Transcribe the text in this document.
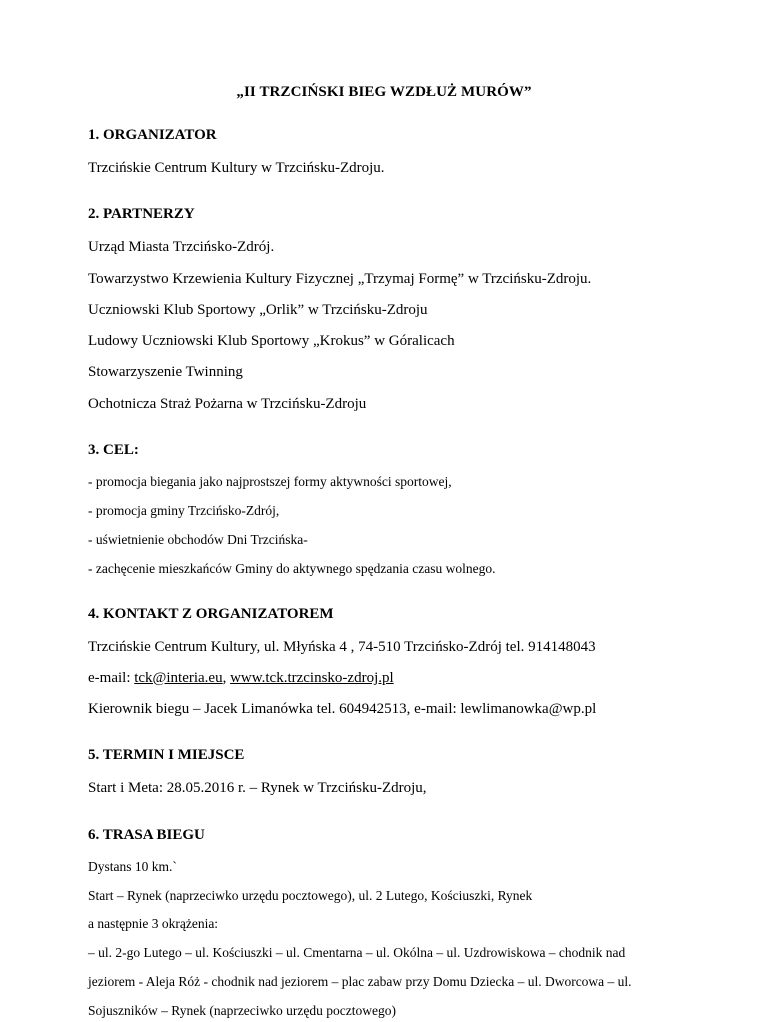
„II TRZCIŃSKI BIEG WZDŁUŻ MURÓW”
1. ORGANIZATOR

Trzcińskie Centrum Kultury w Trzcińsku-Zdroju.

2. PARTNERZY

Urząd Miasta Trzcińsko-Zdrój.

Towarzystwo Krzewienia Kultury Fizycznej „Trzymaj Formę” w Trzcińsku-Zdroju.

Uczniowski Klub Sportowy „Orlik” w Trzcińsku-Zdroju

Ludowy Uczniowski Klub Sportowy „Krokus” w Góralicach

Stowarzyszenie Twinning

Ochotnicza Straż Pożarna w Trzcińsku-Zdroju

3. CEL:

- promocja biegania jako najprostszej formy aktywności sportowej,

- promocja gminy Trzcińsko-Zdrój,

- uświetnienie obchodów Dni Trzcińska-

- zachęcenie mieszkańców Gminy do aktywnego spędzania czasu wolnego.

4. KONTAKT Z ORGANIZATOREM

Trzcińskie Centrum Kultury, ul. Młyńska 4 , 74-510 Trzcińsko-Zdrój tel. 914148043

e-mail: tck@interia.eu, www.tck.trzcinsko-zdroj.pl

Kierownik biegu – Jacek Limanówka tel. 604942513, e-mail: lewlimanowka@wp.pl

5. TERMIN I MIEJSCE

Start i Meta: 28.05.2016 r. – Rynek w Trzcińsku-Zdroju,

6. TRASA BIEGU

Dystans 10 km.`

Start – Rynek (naprzeciwko urzędu pocztowego), ul. 2 Lutego, Kościuszki, Rynek

a następnie 3 okrążenia:

– ul. 2-go Lutego – ul. Kościuszki – ul. Cmentarna – ul. Okólna – ul. Uzdrowiskowa – chodnik nad

jeziorem - Aleja Róż - chodnik nad jeziorem – plac zabaw przy Domu Dziecka – ul. Dworcowa – ul.

Sojuszników – Rynek (naprzeciwko urzędu pocztowego)
